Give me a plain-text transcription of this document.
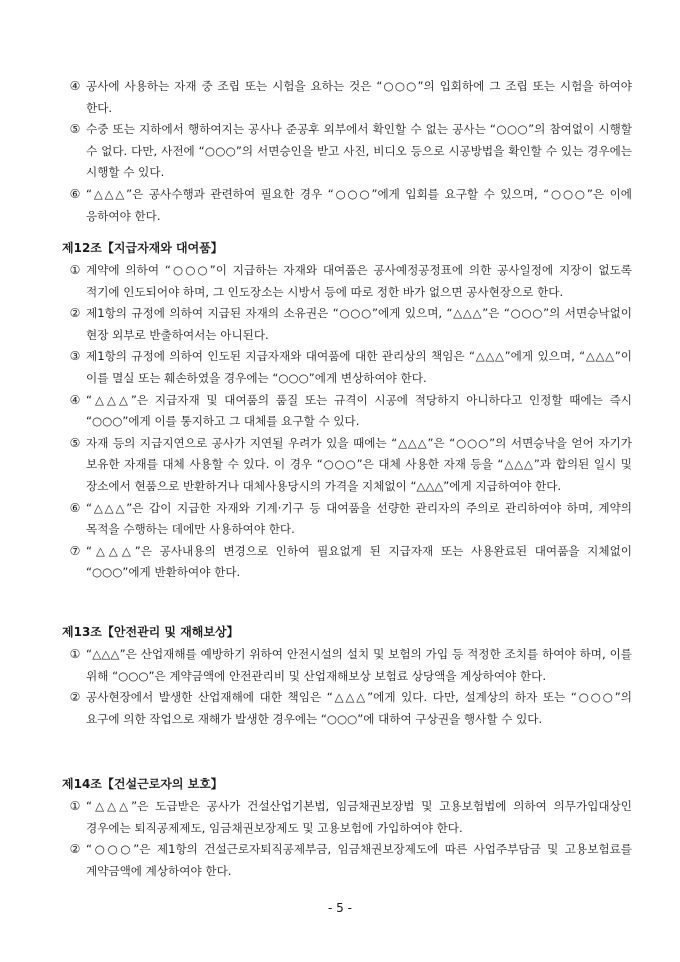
④ 공사에 사용하는 자재 중 조립 또는 시험을 요하는 것은 “○○○”의 입회하에 그 조립 또는 시험을 하여야 한다.
⑤ 수중 또는 지하에서 행하여지는 공사나 준공후 외부에서 확인할 수 없는 공사는 “○○○”의 참여없이 시행할 수 없다. 다만, 사전에 “○○○”의 서면승인을 받고 사진, 비디오 등으로 시공방법을 확인할 수 있는 경우에는 시행할 수 있다.
⑥ “△△△”은 공사수행과 관련하여 필요한 경우 “○○○”에게 입회를 요구할 수 있으며, “○○○”은 이에 응하여야 한다.
제12조【지급자재와 대여품】
① 계약에 의하여 “○○○”이 지급하는 자재와 대여품은 공사예정공정표에 의한 공사일정에 지장이 없도록 적기에 인도되어야 하며, 그 인도장소는 시방서 등에 따로 정한 바가 없으면 공사현장으로 한다.
② 제1항의 규정에 의하여 지급된 자재의 소유권은 “○○○”에게 있으며, “△△△”은 “○○○”의 서면승낙없이 현장 외부로 반출하여서는 아니된다.
③ 제1항의 규정에 의하여 인도된 지급자재와 대여품에 대한 관리상의 책임은 “△△△”에게 있으며, “△△△”이 이를 멸실 또는 훼손하였을 경우에는 “○○○”에게 변상하여야 한다.
④ “△△△”은 지급자재 및 대여품의 품질 또는 규격이 시공에 적당하지 아니하다고 인정할 때에는 즉시 “○○○”에게 이를 통지하고 그 대체를 요구할 수 있다.
⑤ 자재 등의 지급지연으로 공사가 지연될 우려가 있을 때에는 “△△△”은 “○○○”의 서면승낙을 얻어 자기가 보유한 자재를 대체 사용할 수 있다. 이 경우 “○○○”은 대체 사용한 자재 등을 “△△△”과 합의된 일시 및 장소에서 현품으로 반환하거나 대체사용당시의 가격을 지체없이 “△△△”에게 지급하여야 한다.
⑥ “△△△”은 갑이 지급한 자재와 기계·기구 등 대여품을 선량한 관리자의 주의로 관리하여야 하며, 계약의 목적을 수행하는 데에만 사용하여야 한다.
⑦ “△△△”은 공사내용의 변경으로 인하여 필요없게 된 지급자재 또는 사용완료된 대여품을 지체없이 “○○○”에게 반환하여야 한다.
제13조【안전관리 및 재해보상】
① “△△△”은 산업재해를 예방하기 위하여 안전시설의 설치 및 보험의 가입 등 적정한 조치를 하여야 하며, 이를 위해 “○○○”은 계약금액에 안전관리비 및 산업재해보상 보험료 상당액을 계상하여야 한다.
② 공사현장에서 발생한 산업재해에 대한 책임은 “△△△”에게 있다. 다만, 설계상의 하자 또는 “○○○”의 요구에 의한 작업으로 재해가 발생한 경우에는 “○○○”에 대하여 구상권을 행사할 수 있다.
제14조【건설근로자의 보호】
① “△△△”은 도급받은 공사가 건설산업기본법, 임금채권보장법 및 고용보험법에 의하여 의무가입대상인 경우에는 퇴직공제제도, 임금채권보장제도 및 고용보험에 가입하여야 한다.
② “○○○”은 제1항의 건설근로자퇴직공제부금, 임금채권보장제도에 따른 사업주부담금 및 고용보험료를 계약금액에 계상하여야 한다.
- 5 -
